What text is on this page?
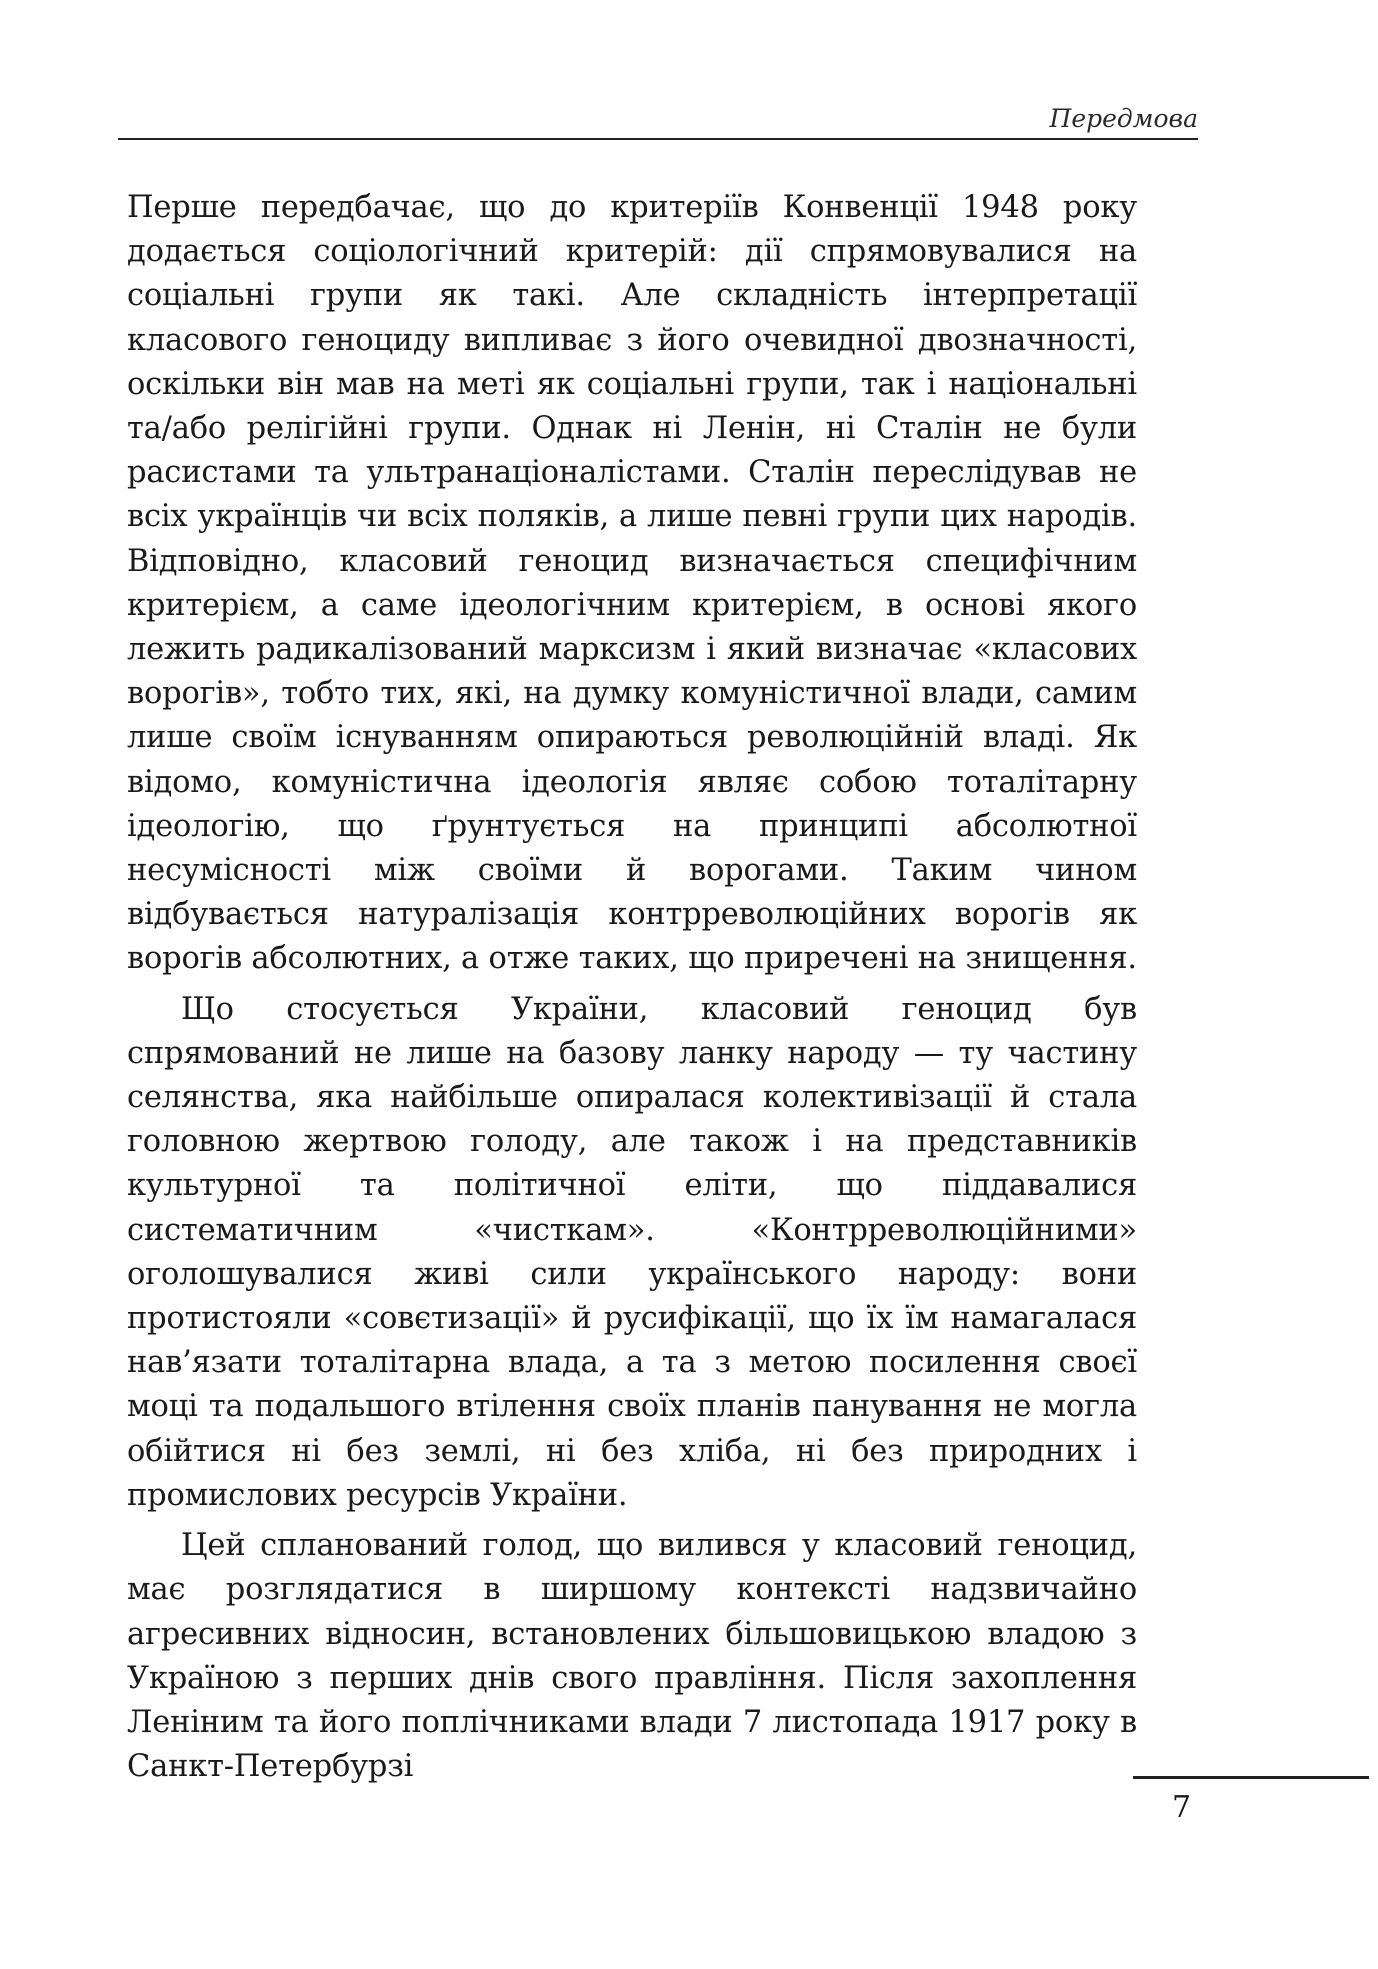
Передмова

Перше передбачає, що до критеріїв Конвенції 1948 року додається соціологічний критерій: дії спрямовувалися на соціальні групи як такі. Але складність інтерпретації класового геноциду випливає з його очевидної двозначності, оскільки він мав на меті як соціальні групи, так і національні та/або релігійні групи. Однак ні Ленін, ні Сталін не були расистами та ультранаціоналістами. Сталін переслідував не всіх українців чи всіх поляків, а лише певні групи цих народів. Відповідно, класовий геноцид визначається специфічним критерієм, а саме ідеологічним критерієм, в основі якого лежить радикалізований марксизм і який визначає «класових ворогів», тобто тих, які, на думку комуністичної влади, самим лише своїм існуванням опираються революційній владі. Як відомо, комуністична ідеологія являє собою тоталітарну ідеологію, що ґрунтується на принципі абсолютної несумісності між своїми й ворогами. Таким чином відбувається натуралізація контрреволюційних ворогів як ворогів абсолютних, а отже таких, що приречені на знищення.

Що стосується України, класовий геноцид був спрямований не лише на базову ланку народу — ту частину селянства, яка найбільше опиралася колективізації й стала головною жертвою голоду, але також і на представників культурної та політичної еліти, що піддавалися систематичним «чисткам». «Контрреволюційними» оголошувалися живі сили українського народу: вони протистояли «совєтизації» й русифікації, що їх їм намагалася нав’язати тоталітарна влада, а та з метою посилення своєї моці та подальшого втілення своїх планів панування не могла обійтися ні без землі, ні без хліба, ні без природних і промислових ресурсів України.

Цей спланований голод, що вилився у класовий геноцид, має розглядатися в ширшому контексті надзвичайно агресивних відносин, встановлених більшовицькою владою з Україною з перших днів свого правління. Після захоплення Леніним та його поплічниками влади 7 листопада 1917 року в Санкт-Петербурзі

7
